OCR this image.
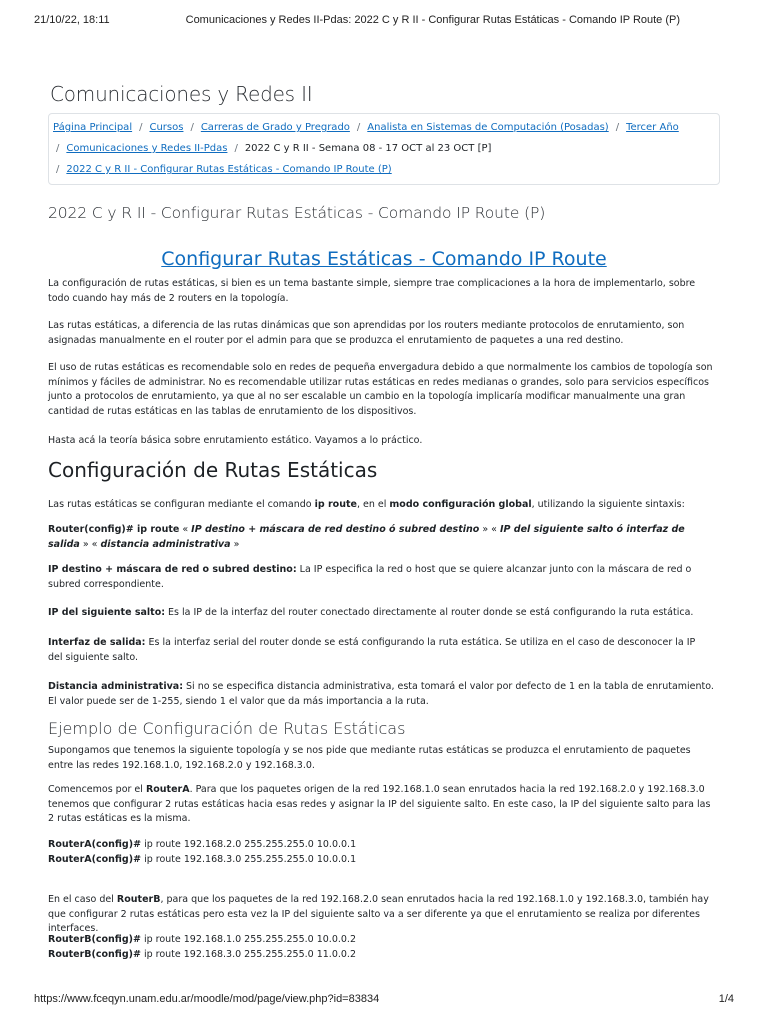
21/10/22, 18:11	Comunicaciones y Redes II-Pdas: 2022 C y R II - Configurar Rutas Estáticas - Comando IP Route (P)
Comunicaciones y Redes II
Página Principal / Cursos / Carreras de Grado y Pregrado / Analista en Sistemas de Computación (Posadas) / Tercer Año
/ Comunicaciones y Redes II-Pdas / 2022 C y R II - Semana 08 - 17 OCT al 23 OCT [P]
/ 2022 C y R II - Configurar Rutas Estáticas - Comando IP Route (P)
2022 C y R II - Configurar Rutas Estáticas - Comando IP Route (P)
Configurar Rutas Estáticas - Comando IP Route

La configuración de rutas estáticas, si bien es un tema bastante simple, siempre trae complicaciones a la hora de implementarlo, sobre todo cuando hay más de 2 routers en la topología.

Las rutas estáticas, a diferencia de las rutas dinámicas que son aprendidas por los routers mediante protocolos de enrutamiento, son asignadas manualmente en el router por el admin para que se produzca el enrutamiento de paquetes a una red destino.

El uso de rutas estáticas es recomendable solo en redes de pequeña envergadura debido a que normalmente los cambios de topología son mínimos y fáciles de administrar. No es recomendable utilizar rutas estáticas en redes medianas o grandes, solo para servicios específicos junto a protocolos de enrutamiento, ya que al no ser escalable un cambio en la topología implicaría modificar manualmente una gran cantidad de rutas estáticas en las tablas de enrutamiento de los dispositivos.

Hasta acá la teoría básica sobre enrutamiento estático. Vayamos a lo práctico.

Configuración de Rutas Estáticas

Las rutas estáticas se configuran mediante el comando ip route, en el modo configuración global, utilizando la siguiente sintaxis:

Router(config)# ip route « IP destino + máscara de red destino ó subred destino » « IP del siguiente salto ó interfaz de salida » « distancia administrativa »

IP destino + máscara de red o subred destino: La IP especifica la red o host que se quiere alcanzar junto con la máscara de red o subred correspondiente.

IP del siguiente salto: Es la IP de la interfaz del router conectado directamente al router donde se está configurando la ruta estática.

Interfaz de salida: Es la interfaz serial del router donde se está configurando la ruta estática. Se utiliza en el caso de desconocer la IP
del siguiente salto.

Distancia administrativa: Si no se especifica distancia administrativa, esta tomará el valor por defecto de 1 en la tabla de enrutamiento. El valor puede ser de 1-255, siendo 1 el valor que da más importancia a la ruta.

Ejemplo de Configuración de Rutas Estáticas

Supongamos que tenemos la siguiente topología y se nos pide que mediante rutas estáticas se produzca el enrutamiento de paquetes entre las redes 192.168.1.0, 192.168.2.0 y 192.168.3.0.

Comencemos por el RouterA. Para que los paquetes origen de la red 192.168.1.0 sean enrutados hacia la red 192.168.2.0 y 192.168.3.0 tenemos que configurar 2 rutas estáticas hacia esas redes y asignar la IP del siguiente salto. En este caso, la IP del siguiente salto para las 2 rutas estáticas es la misma.

RouterA(config)# ip route 192.168.2.0 255.255.255.0 10.0.0.1

RouterA(config)# ip route 192.168.3.0 255.255.255.0 10.0.0.1

En el caso del RouterB, para que los paquetes de la red 192.168.2.0 sean enrutados hacia la red 192.168.1.0 y 192.168.3.0, también hay que configurar 2 rutas estáticas pero esta vez la IP del siguiente salto va a ser diferente ya que el enrutamiento se realiza por diferentes interfaces.

RouterB(config)# ip route 192.168.1.0 255.255.255.0 10.0.0.2

RouterB(config)# ip route 192.168.3.0 255.255.255.0 11.0.0.2

https://www.fceqyn.unam.edu.ar/moodle/mod/page/view.php?id=83834	1/4
